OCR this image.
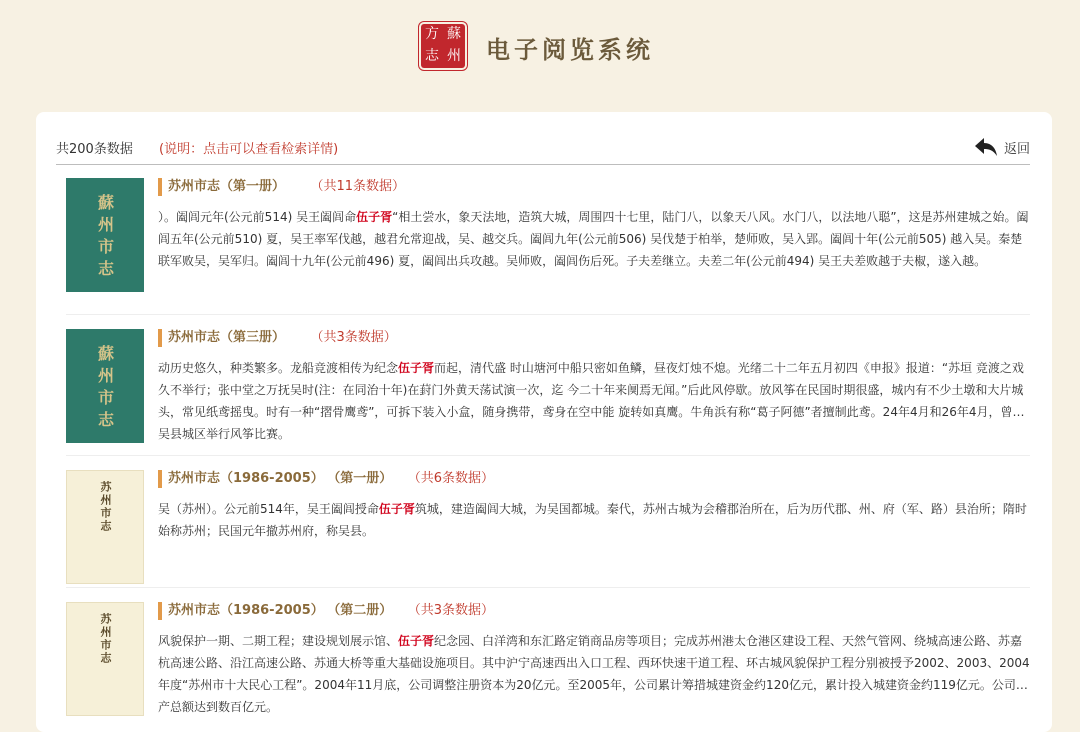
方 蘇
志 州 电子阅览系统
共200条数据 (说明：点击可以查看检索详情)	返回
蘇州市志
苏州市志（第一册） （共11条数据）
）。阖闾元年(公元前514) 吴王阖闾命伍子胥“相土尝水，象天法地，造筑大城，周围四十七里，陆门八，以象天八风。水门八，以法地八聪”，这是苏州建城之始。阖闾五年(公元前510) 夏，吴王率军伐越，越君允常迎战，吴、越交兵。阖闾九年(公元前506) 吴伐楚于柏举，楚师败，吴入郢。阖闾十年(公元前505) 越入吴。秦楚联军败吴，吴军归。阖闾十九年(公元前496) 夏，阖闾出兵攻越。吴师败，阖闾伤后死。子夫差继立。夫差二年(公元前494) 吴王夫差败越于夫椒，遂入越。
蘇州市志
苏州市志（第三册） （共3条数据）
动历史悠久，种类繁多。龙船竞渡相传为纪念伍子胥而起，清代盛 时山塘河中船只密如鱼鳞，昼夜灯烛不熄。光绪二十二年五月初四《申报》报道：“苏垣 竞渡之戏久不举行；张中堂之万抚吴时(注：在同治十年)在葑门外黄天荡试演一次，迄 今二十年来阒焉无闻。”后此风停歇。放风筝在民国时期很盛，城内有不少土墩和大片城头，常见纸鸢摇曳。时有一种“摺骨鹰鸢”，可拆下装入小盒，随身携带，鸢身在空中能 旋转如真鹰。牛角浜有称“葛子阿德”者擅制此鸢。24年4月和26年4月，曾在吴县城区举行风筝比赛。
苏州市志
苏州市志（1986-2005） （第一册） （共6条数据）
吴（苏州）。公元前514年，吴王阖闾授命伍子胥筑城，建造阖闾大城，为吴国都城。秦代，苏州古城为会稽郡治所在，后为历代郡、州、府（军、路）县治所；隋时始称苏州；民国元年撤苏州府，称吴县。
苏州市志
苏州市志（1986-2005） （第二册） （共3条数据）
风貌保护一期、二期工程；建设规划展示馆、伍子胥纪念园、白洋湾和东汇路定销商品房等项目；完成苏州港太仓港区建设工程、天然气管网、绕城高速公路、苏嘉杭高速公路、沿江高速公路、苏通大桥等重大基础设施项目。其中沪宁高速西出入口工程、西环快速干道工程、环古城风貌保护工程分别被授予2002、2003、2004年度“苏州市十大民心工程”。2004年11月底，公司调整注册资本为20亿元。至2005年，公司累计筹措城建资金约120亿元，累计投入城建资金约119亿元。公司资产总额达到数百亿元。
